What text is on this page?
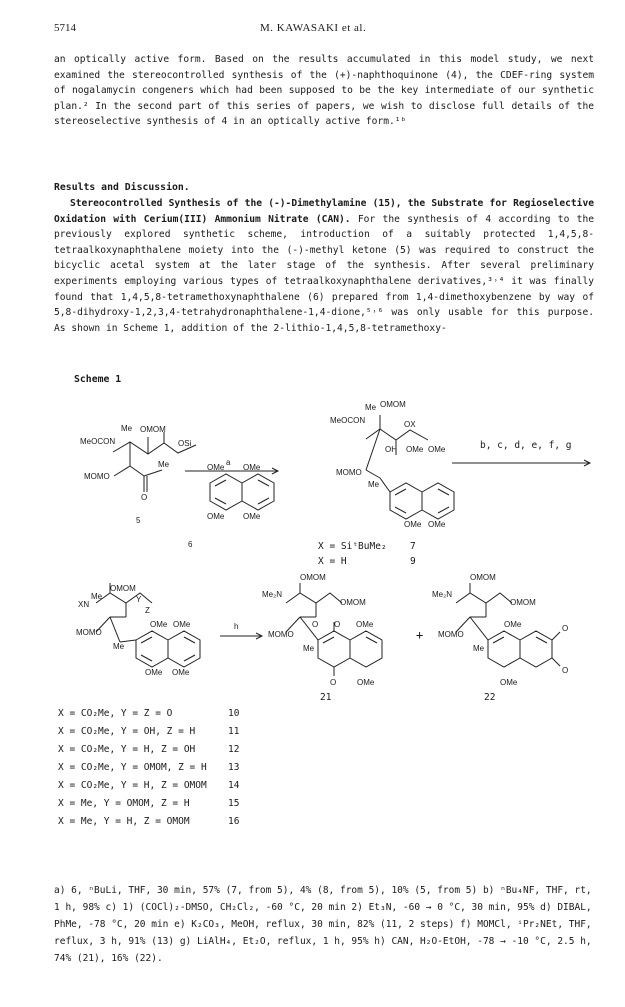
5714	M. KAWASAKI et al.

an optically active form. Based on the results accumulated in this model study, we next examined the stereocontrolled synthesis of the (+)-naphthoquinone (4), the CDEF-ring system of nogalamycin congeners which had been supposed to be the key intermediate of our synthetic plan.² In the second part of this series of papers, we wish to disclose full details of the stereoselective synthesis of 4 in an optically active form.¹ᵇ

Results and Discussion.

Stereocontrolled Synthesis of the (-)-Dimethylamine (15), the Substrate for Regioselective Oxidation with Cerium(III) Ammonium Nitrate (CAN). For the synthesis of 4 according to the previously explored synthetic scheme, introduction of a suitably protected 1,4,5,8-tetraalkoxynaphthalene moiety into the (-)-methyl ketone (5) was required to construct the bicyclic acetal system at the later stage of the synthesis. After several preliminary experiments employing various types of tetraalkoxynaphthalene derivatives,³˒⁴ it was finally found that 1,4,5,8-tetramethoxynaphthalene (6) prepared from 1,4-dimethoxybenzene by way of 5,8-dihydroxy-1,2,3,4-tetrahydronaphthalene-1,4-dione,⁵˒⁶ was only usable for this purpose. As shown in Scheme 1, addition of the 2-lithio-1,4,5,8-tetramethoxy-

Scheme 1
Me OMOM
MeOCON	OSi
Me
MOMO
O
5
a
OMe OMe
OMe OMe
6
Me OMOM
MeOCON	OX
OH OMe OMe
MOMO
Me
OMe OMe
X = SiᵗBuMe₂ 7
X = H	9
b, c, d, e, f, g
Me
OMOM
XN
Y
Z
OMe OMe
MOMO
Me
OMe OMe
h
OMOM
Me₂N
OMOM
O O OMe
MOMO
Me
O	OMe
21
+
OMOM
Me₂N
OMOM
OMe	O
MOMO
Me
OMe
O
22
X = CO₂Me, Y = Z = O	10
X = CO₂Me, Y = OH, Z = H	11
X = CO₂Me, Y = H, Z = OH	12
X = CO₂Me, Y = OMOM, Z = H 13
X = CO₂Me, Y = H, Z = OMOM 14
X = Me, Y = OMOM, Z = H	15
X = Me, Y = H, Z = OMOM	16

a) 6, ⁿBuLi, THF, 30 min, 57% (7, from 5), 4% (8, from 5), 10% (5, from 5) b) ⁿBu₄NF, THF, rt, 1 h, 98% c) 1) (COCl)₂-DMSO, CH₂Cl₂, -60 °C, 20 min 2) Et₃N, -60 → 0 °C, 30 min, 95% d) DIBAL, PhMe, -78 °C, 20 min e) K₂CO₃, MeOH, reflux, 30 min, 82% (11, 2 steps) f) MOMCl, ⁱPr₂NEt, THF, reflux, 3 h, 91% (13) g) LiAlH₄, Et₂O, reflux, 1 h, 95% h) CAN, H₂O-EtOH, -78 → -10 °C, 2.5 h, 74% (21), 16% (22).
